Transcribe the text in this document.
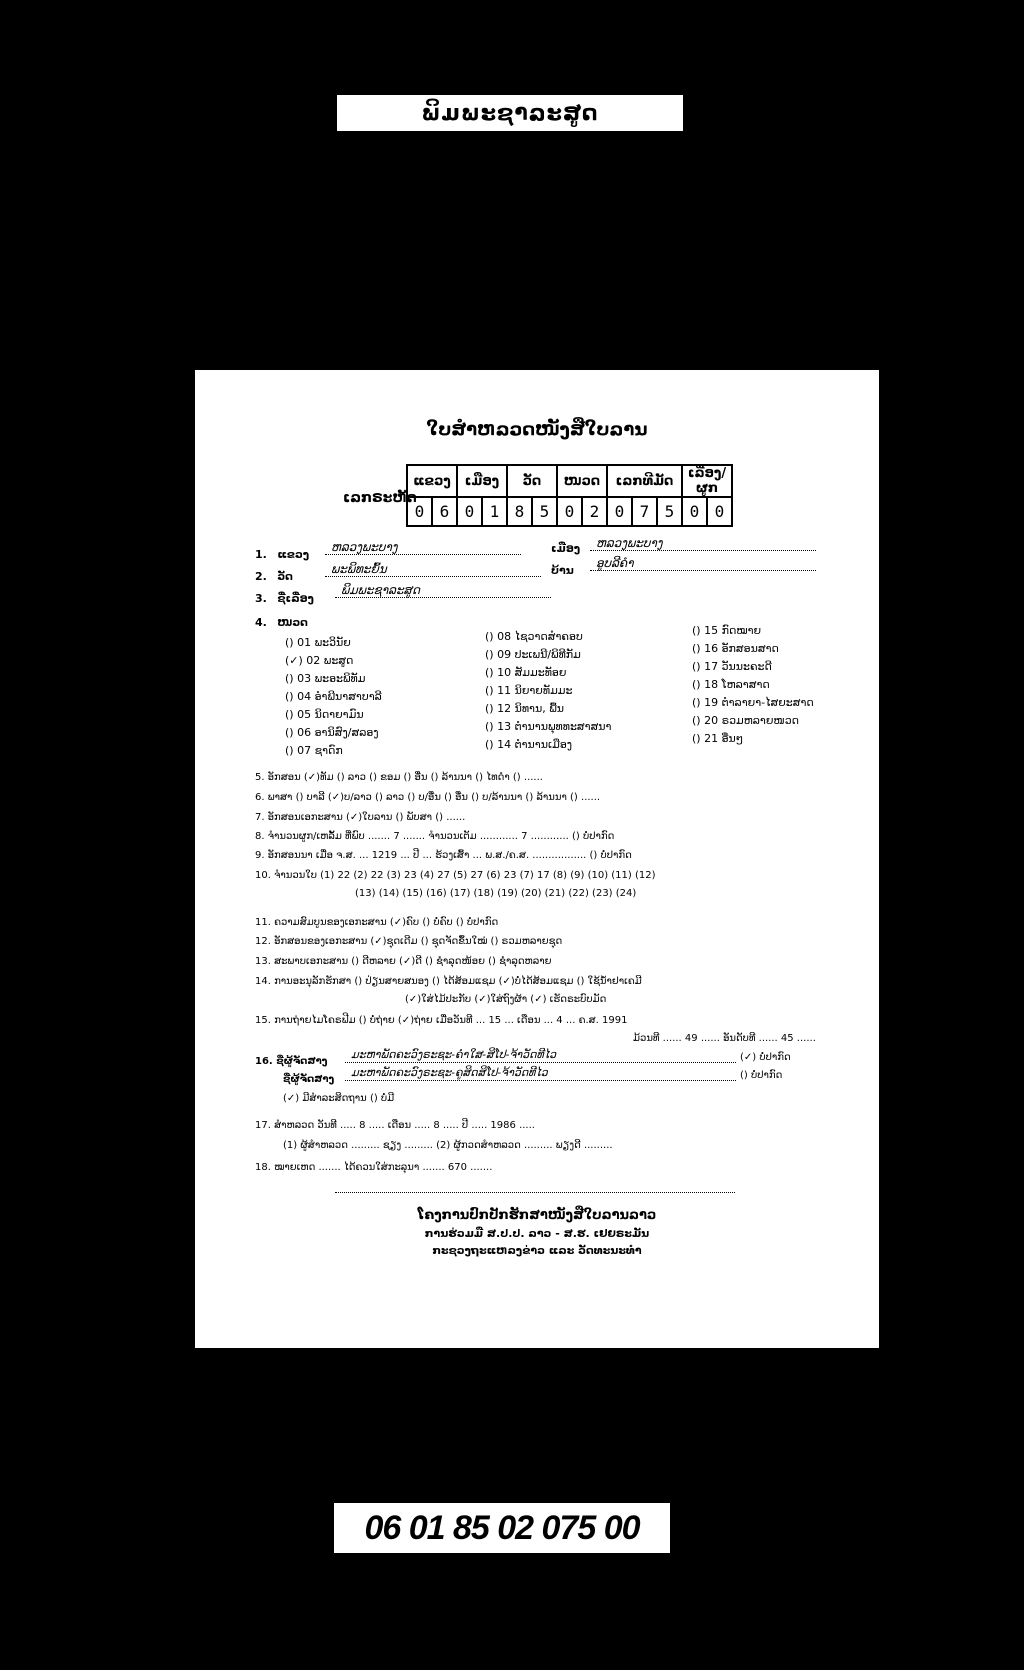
ພິມພະຊາລະສູດ
ໃບສຳຫລວດໜັງສືໃບລານ
ເລກຣະຫັດ
ແຂວງ		ເມືອງ		ວັດ		ໜວດ		ເລກທີມັດ			ເລື່ອງ/ຜູກ	
0	6	0	1	8	5	0	2	0	7	5	0	0
1. ແຂວງ
ຫລວງພະບາງ	ເມືອງ	ຫລວງພະບາງ
2. ວັດ
ພະພິທະຍົ້ນ	ບ້ານ
ອູບລີຄຳ
3. ຊື່ເລື່ອງ
ພິມພະຊາລະສູດ
4. ໜວດ
() 01 ພະວິນັຍ
(✓) 02 ພະສູດ
() 03 ພະອະພິທັມ
() 04 ອຳພີນາສາບາລີ
() 05 ນິດາຍາມົນ
() 06 ອານິສົງ/ສລອງ
() 07 ຊາດົກ
() 08 ໄຊວາດສຳຄອບ
() 09 ປະເພນີ/ພິທີກັມ
() 10 ສັມມະທັອຍ
() 11 ນິຍາຍທັມມະ
() 12 ນິທານ, ພື້ນ
() 13 ຕຳນານພຸທທະສາສນາ
() 14 ຕຳນານເມືອງ
() 15 ກົດໝາຍ
() 16 ອັກສອນສາດ
() 17 ວັນນະຄະດີ
() 18 ໂຫລາສາດ
() 19 ຕຳລາຍາ-ໄສຍະສາດ
() 20 ຣວມຫລາຍໜວດ
() 21 ອື່ນໆ
5. ອັກສອນ (✓)ທັມ () ລາວ () ຂອມ () ອື່ນ () ລ້ານນາ () ໄທດຳ () ......
6. ພາສາ () ບາລີ (✓)ບ/ລາວ () ລາວ () ບ/ອື່ນ () ອື່ນ () ບ/ລ້ານນາ () ລ້ານນາ () ......
7. ອັກສອນເອກະສານ (✓)ໃບລານ () ພັບສາ () ......
8. ຈຳນວນຜູກ/ເຫລັ້ມ ທີ່ພົບ ....... 7 ....... ຈຳນວນເຕັມ ............ 7 ............ () ບໍ່ປາກົດ
9. ອັກສອນນາ ເມື່ອ ຈ.ສ. ... 1219 ... ປີ ... ຮ້ວງເສົ້າ ... ພ.ສ./ຄ.ສ. ................. () ບໍ່ປາກົດ
10. ຈຳນວນໃບ (1) 22 (2) 22 (3) 23 (4) 27 (5) 27 (6) 23 (7) 17 (8) (9) (10) (11) (12)
(13) (14) (15) (16) (17) (18) (19) (20) (21) (22) (23) (24)
11. ຄວາມສົມບູນຂອງເອກະສານ (✓)ຄົບ () ບໍ່ຄົບ () ບໍ່ປາກົດ
12. ອັກສອນຂອງເອກະສານ (✓)ຊຸດເດີມ () ຊຸດຈັດຂຶ້ນໃໝ່ () ຣວມຫລາຍຊຸດ
13. ສະພາບເອກະສານ () ດີຫລາຍ (✓)ດີ () ຊຳລຸດໜ້ອຍ () ຊຳລຸດຫລາຍ
14. ການອະນຸລັກຮັກສາ () ປ່ຽນສາຍສນອງ () ໄດ້ສ້ອມແຊມ (✓)ບໍ່ໄດ້ສ້ອມແຊມ () ໃຊ້ນ້ຳຢາເຄມີ
(✓)ໃສ່ໄມ້ປະກັບ (✓)ໃສ່ຖົງຜ້າ (✓) ເຮັດຣະບົບມັດ
15. ການຖ່າຍໄມໂຄຣຟີມ () ບໍ່ຖ່າຍ (✓)ຖ່າຍ ເມື່ອວັນທີ ... 15 ... ເດືອນ ... 4 ... ຄ.ສ. 1991
ມ້ວນທີ ...... 49 ...... ອັນດັບທີ ...... 45 ......
16. ຊື່ຜູ້ຈັດສາງ
ມະຫາພັດຄະວົງຣະຊະ-ຄຳໃສ-ສິໂປ-ຈ້າວັດທີໄວ	(✓) ບໍ່ປາກົດ
ຊື່ຜູ້ຈັດສາງ
ມະຫາພັດຄະວົງຣະຊະ-ຄູສິດສິໂປ-ຈ້າວັດທີໄວ	() ບໍ່ປາກົດ
(✓) ມີສຳລະສິດຖານ () ບໍ່ມີ
17. ສຳຫລວດ ວັນທີ ..... 8 ..... ເດືອນ ..... 8 ..... ປີ ..... 1986 .....
(1) ຜູ້ສຳຫລວດ ......... ຊຽງ ......... (2) ຜູ້ກວດສຳຫລວດ ......... ພຽງດີ .........
18. ໝາຍເຫດ ....... ໄດ້ຄວນໃສ່ກະລຸນາ ....... 670 .......
ໂຄງການປົກປັກຮັກສາໜັງສືໃບລານລາວ
ການຮ່ວມມື ສ.ປ.ປ. ລາວ - ສ.ຮ. ເຢຍຣະມັນ
ກະຊວງຖະແຫລງຂ່າວ ແລະ ວັດທະນະທຳ
06 01 85 02 075 00
